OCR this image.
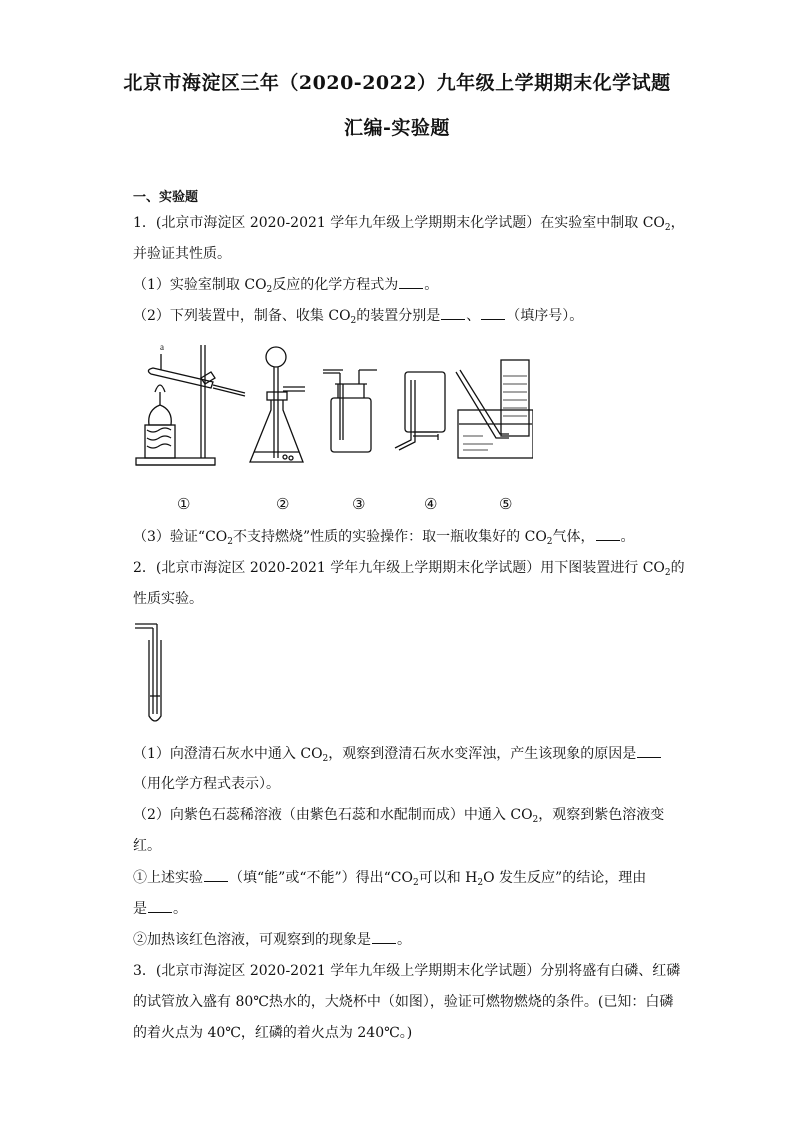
北京市海淀区三年（2020-2022）九年级上学期期末化学试题
汇编-实验题
一、实验题
1．(北京市海淀区 2020-2021 学年九年级上学期期末化学试题）在实验室中制取 $CO_2$，
并验证其性质。
（1）实验室制取 $CO_2$反应的化学方程式为 。
（2）下列装置中，制备、收集 $CO_2$的装置分别是 、 （填序号）。
a
①	②	③	④	⑤
（3）验证“$CO_2$不支持燃烧”性质的实验操作：取一瓶收集好的 $CO_2$气体， 。
2．(北京市海淀区 2020-2021 学年九年级上学期期末化学试题）用下图装置进行 $CO_2$的
性质实验。
（1）向澄清石灰水中通入 $CO_2$，观察到澄清石灰水变浑浊，产生该现象的原因是
（用化学方程式表示）。
（2）向紫色石蕊稀溶液（由紫色石蕊和水配制而成）中通入 $CO_2$，观察到紫色溶液变
红。
①上述实验 （填“能”或“不能”）得出“$CO_2$可以和 $H_2O$ 发生反应”的结论，理由
是 。
②加热该红色溶液，可观察到的现象是 。
3．(北京市海淀区 2020-2021 学年九年级上学期期末化学试题）分别将盛有白磷、红磷
的试管放入盛有 80℃热水的，大烧杯中（如图），验证可燃物燃烧的条件。(已知：白磷
的着火点为 40℃，红磷的着火点为 240℃。)
